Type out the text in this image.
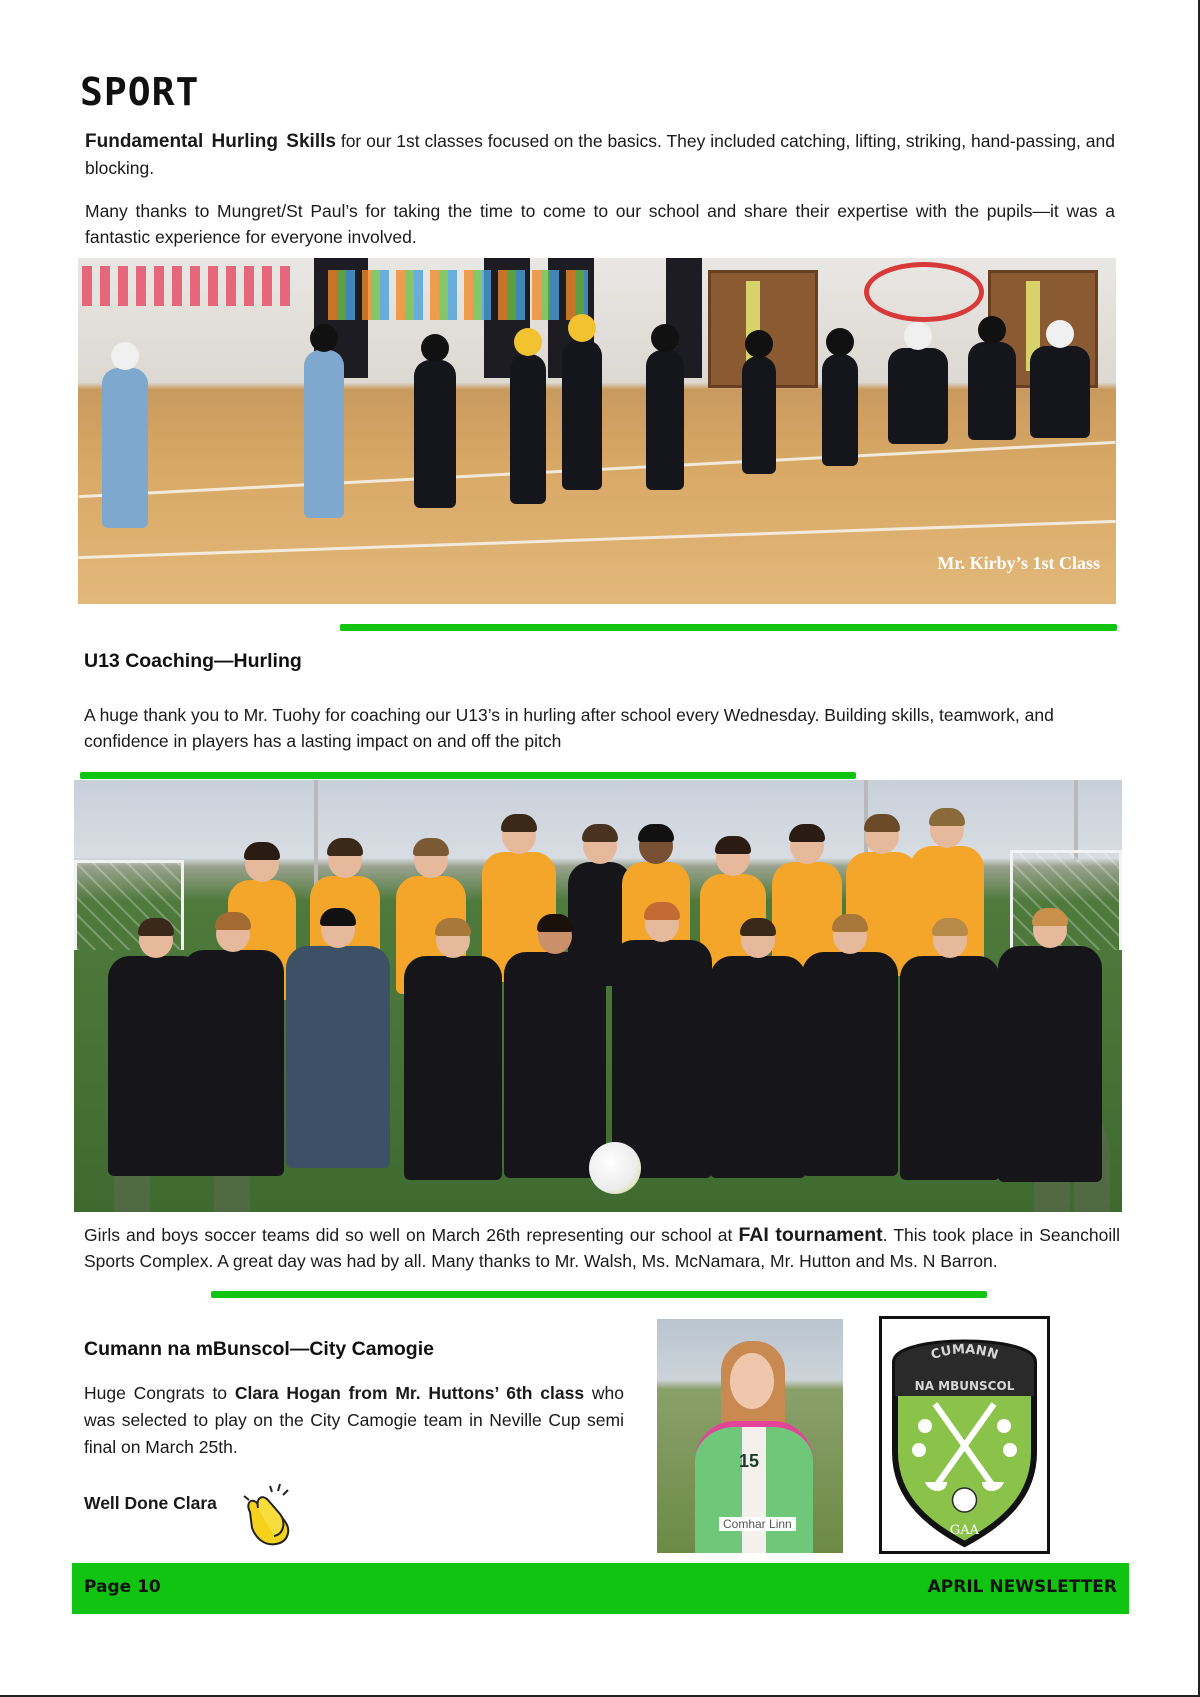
SPORT

Fundamental Hurling Skills for our 1st classes focused on the basics. They included catching, lifting, striking, hand-passing, and blocking.

Many thanks to Mungret/St Paul’s for taking the time to come to our school and share their expertise with the pupils—it was a fantastic experience for everyone involved.

Mr. Kirby’s 1st Class
U13 Coaching—Hurling

A huge thank you to Mr. Tuohy for coaching our U13’s in hurling after school every Wednesday. Building skills, teamwork, and confidence in players has a lasting impact on and off the pitch

Girls and boys soccer teams did so well on March 26th representing our school at FAI tournament. This took place in Seanchoill Sports Complex. A great day was had by all. Many thanks to Mr. Walsh, Ms. McNamara, Mr. Hutton and Ms. N Barron.

Cumann na mBunscol—City Camogie

Huge Congrats to Clara Hogan from Mr. Huttons’ 6th class who was selected to play on the City Camogie team in Neville Cup semi final on March 25th.

Well Done Clara
15
Comhar Linn
CUMANN
NA MBUNSCOL
GAA
Page 10	APRIL NEWSLETTER
